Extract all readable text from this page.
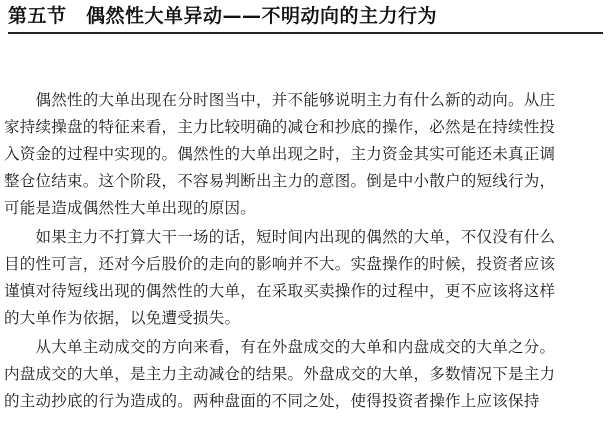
第五节　偶然性大单异动——不明动向的主力行为

　　偶然性的大单出现在分时图当中，并不能够说明主力有什么新的动向。从庄
家持续操盘的特征来看，主力比较明确的减仓和抄底的操作，必然是在持续性投
入资金的过程中实现的。偶然性的大单出现之时，主力资金其实可能还未真正调
整仓位结束。这个阶段，不容易判断出主力的意图。倒是中小散户的短线行为，
可能是造成偶然性大单出现的原因。

　　如果主力不打算大干一场的话，短时间内出现的偶然的大单，不仅没有什么
目的性可言，还对今后股价的走向的影响并不大。实盘操作的时候，投资者应该
谨慎对待短线出现的偶然性的大单，在采取买卖操作的过程中，更不应该将这样
的大单作为依据，以免遭受损失。

　　从大单主动成交的方向来看，有在外盘成交的大单和内盘成交的大单之分。
内盘成交的大单，是主力主动减仓的结果。外盘成交的大单，多数情况下是主力
的主动抄底的行为造成的。两种盘面的不同之处，使得投资者操作上应该保持
